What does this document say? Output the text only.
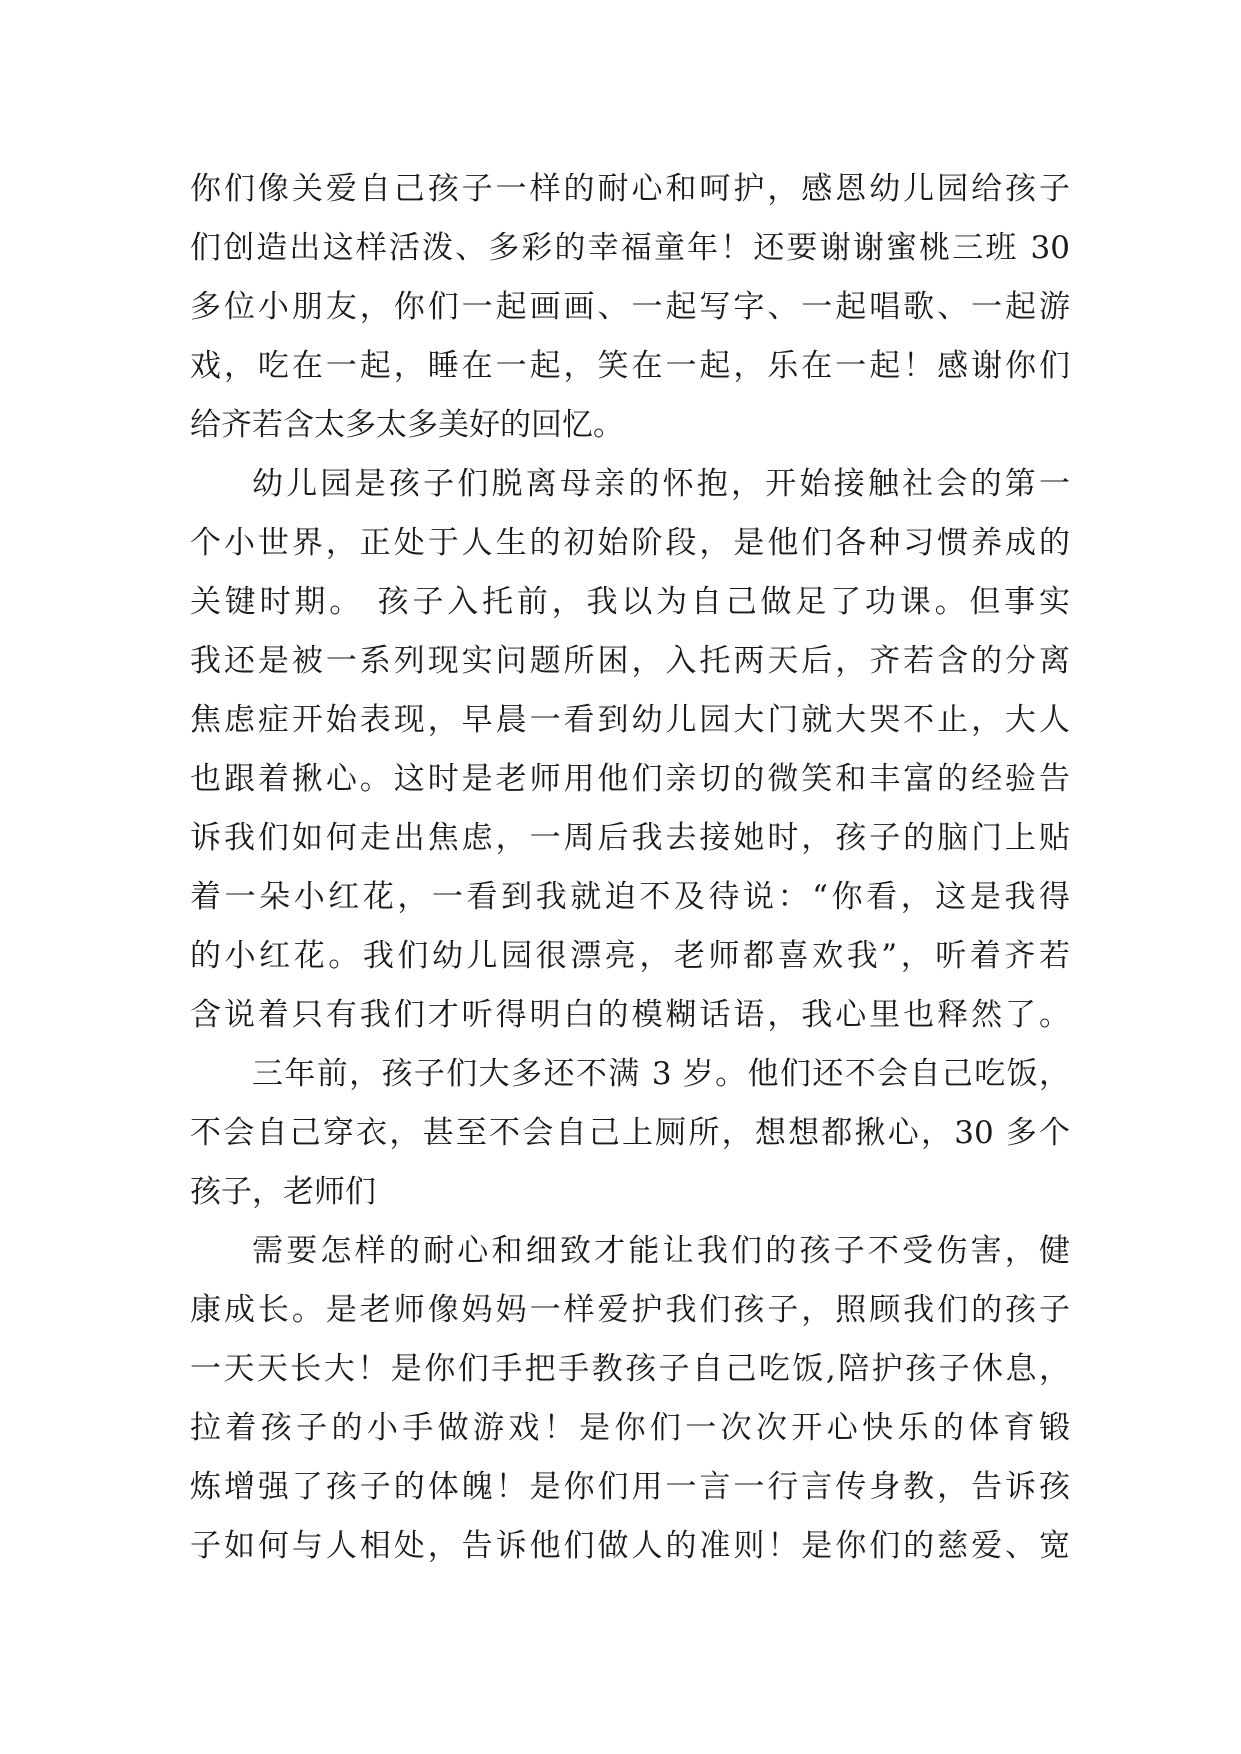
你们像关爱自己孩子一样的耐心和呵护，感恩幼儿园给孩子
们创造出这样活泼、多彩的幸福童年！还要谢谢蜜桃三班 30
多位小朋友，你们一起画画、一起写字、一起唱歌、一起游
戏，吃在一起，睡在一起，笑在一起，乐在一起！感谢你们
给齐若含太多太多美好的回忆。
幼儿园是孩子们脱离母亲的怀抱，开始接触社会的第一
个小世界，正处于人生的初始阶段，是他们各种习惯养成的
关键时期。 孩子入托前，我以为自己做足了功课。但事实
我还是被一系列现实问题所困，入托两天后，齐若含的分离
焦虑症开始表现，早晨一看到幼儿园大门就大哭不止，大人
也跟着揪心。这时是老师用他们亲切的微笑和丰富的经验告
诉我们如何走出焦虑，一周后我去接她时，孩子的脑门上贴
着一朵小红花，一看到我就迫不及待说：“你看，这是我得
的小红花。我们幼儿园很漂亮，老师都喜欢我”，听着齐若
含说着只有我们才听得明白的模糊话语，我心里也释然了。
三年前，孩子们大多还不满 3 岁。他们还不会自己吃饭，
不会自己穿衣，甚至不会自己上厕所，想想都揪心，30 多个
孩子，老师们
需要怎样的耐心和细致才能让我们的孩子不受伤害，健
康成长。是老师像妈妈一样爱护我们孩子，照顾我们的孩子
一天天长大！是你们手把手教孩子自己吃饭,陪护孩子休息，
拉着孩子的小手做游戏！是你们一次次开心快乐的体育锻
炼增强了孩子的体魄！是你们用一言一行言传身教，告诉孩
子如何与人相处，告诉他们做人的准则！是你们的慈爱、宽
